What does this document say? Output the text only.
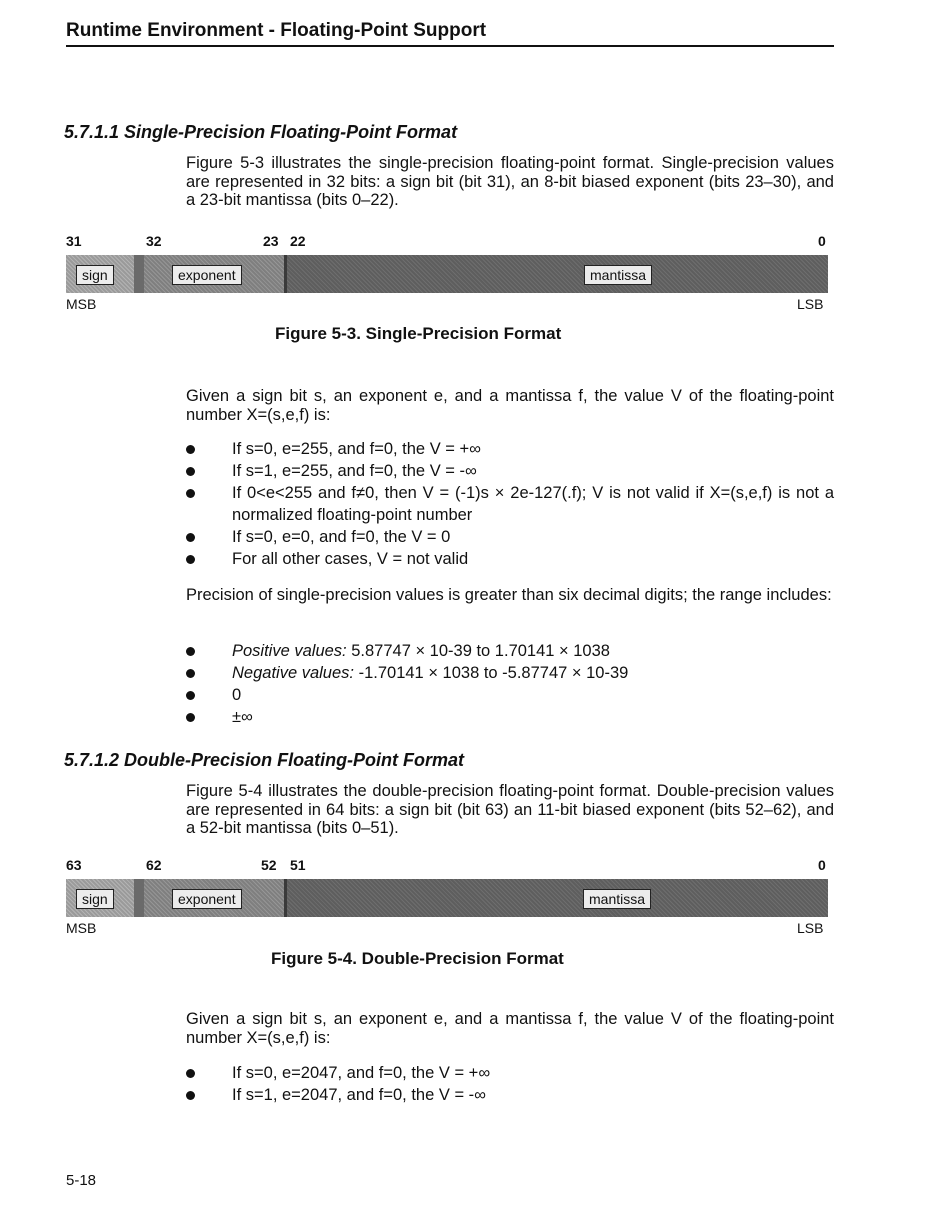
Runtime Environment - Floating-Point Support
5.7.1.1 Single-Precision Floating-Point Format
Figure 5-3 illustrates the single-precision floating-point format. Single-precision values are represented in 32 bits: a sign bit (bit 31), an 8-bit biased exponent (bits 23–30), and a 23-bit mantissa (bits 0–22).
31	32	23 22	0
sign	exponent	mantissa
MSB	LSB
Figure 5-3. Single-Precision Format
Given a sign bit s, an exponent e, and a mantissa f, the value V of the floating-point number X=(s,e,f) is:
If s=0, e=255, and f=0, the V = +∞
If s=1, e=255, and f=0, the V = -∞
If 0<e<255 and f≠0, then V = (-1)s × 2e-127(.f); V is not valid if X=(s,e,f) is not a normalized floating-point number
If s=0, e=0, and f=0, the V = 0
For all other cases, V = not valid
Precision of single-precision values is greater than six decimal digits; the range includes:
Positive values: 5.87747 × 10-39 to 1.70141 × 1038
Negative values: -1.70141 × 1038 to -5.87747 × 10-39
0
±∞
5.7.1.2 Double-Precision Floating-Point Format
Figure 5-4 illustrates the double-precision floating-point format. Double-precision values are represented in 64 bits: a sign bit (bit 63) an 11-bit biased exponent (bits 52–62), and a 52-bit mantissa (bits 0–51).
63	62	52 51	0
sign	exponent	mantissa
MSB	LSB
Figure 5-4. Double-Precision Format
Given a sign bit s, an exponent e, and a mantissa f, the value V of the floating-point number X=(s,e,f) is:
If s=0, e=2047, and f=0, the V = +∞
If s=1, e=2047, and f=0, the V = -∞
5-18
